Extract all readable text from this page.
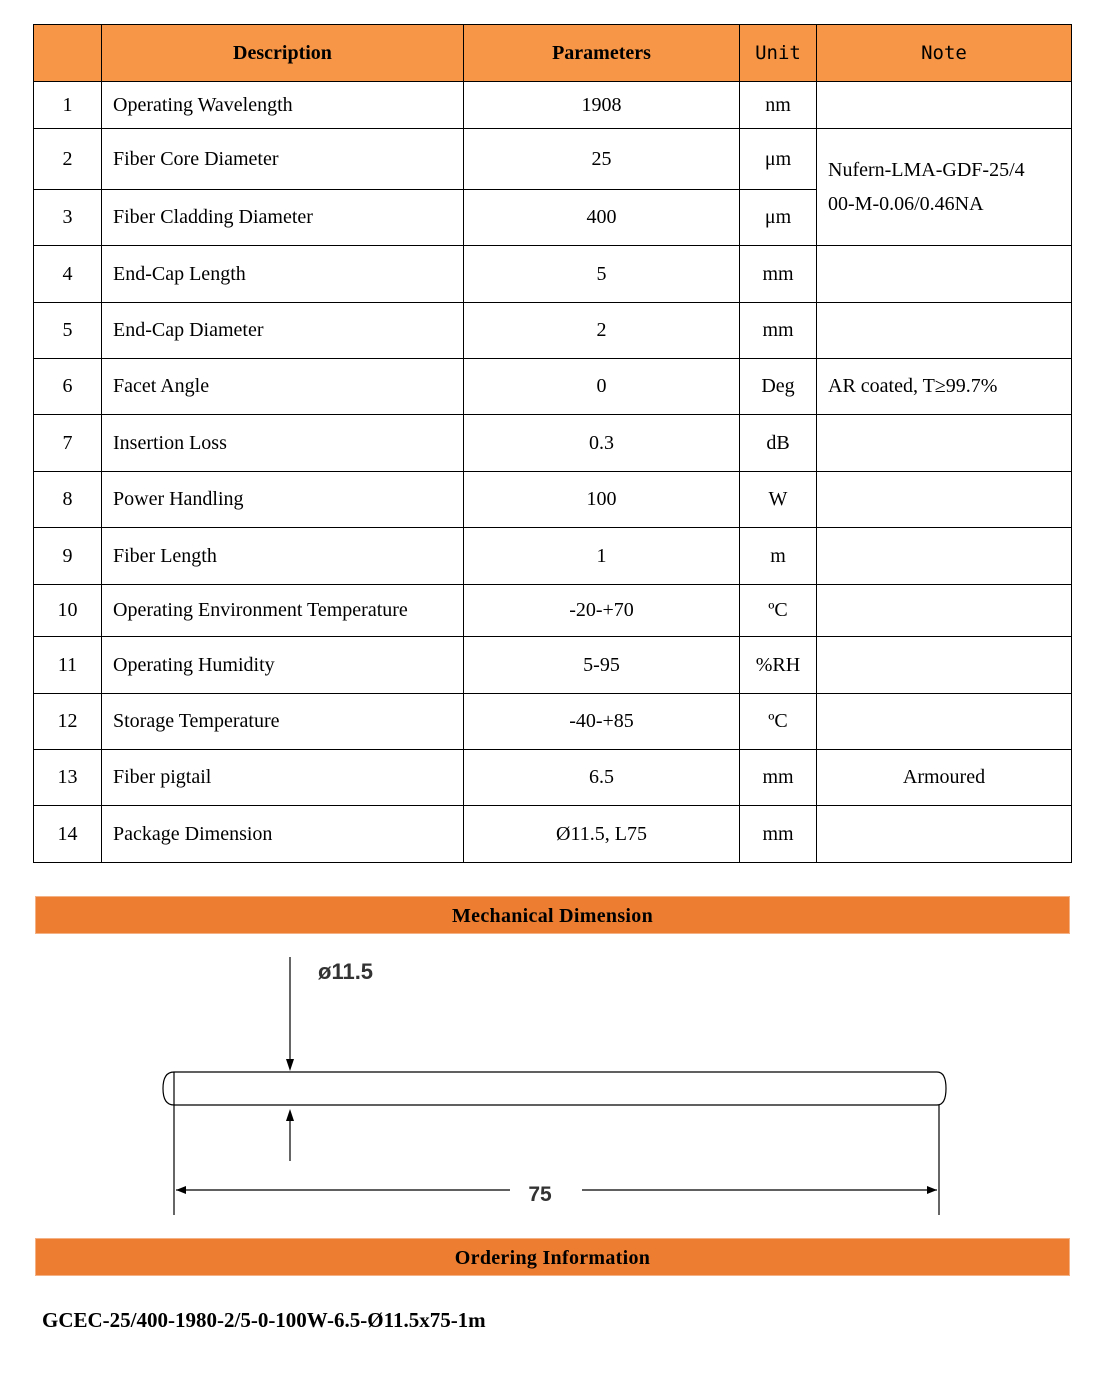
	Description	Parameters	Unit	Note
1	Operating Wavelength	1908	nm	
2	Fiber Core Diameter	25	μm	Nufern-LMA-GDF-25/4
00-M-0.06/0.46NA

3	Fiber Cladding Diameter	400	μm	
4	End-Cap Length	5	mm	
5	End-Cap Diameter	2	mm	
6	Facet Angle	0	Deg	AR coated, T≥99.7%
7	Insertion Loss	0.3	dB	
8	Power Handling	100	W	
9	Fiber Length	1	m	
10	Operating Environment Temperature	-20-+70	ºC	
11	Operating Humidity	5-95	%RH	
12	Storage Temperature	-40-+85	ºC	
13	Fiber pigtail	6.5	mm	Armoured
14	Package Dimension	Ø11.5, L75	mm	
Mechanical Dimension
ø11.5
75
Ordering Information
GCEC-25/400-1980-2/5-0-100W-6.5-Ø11.5x75-1m
